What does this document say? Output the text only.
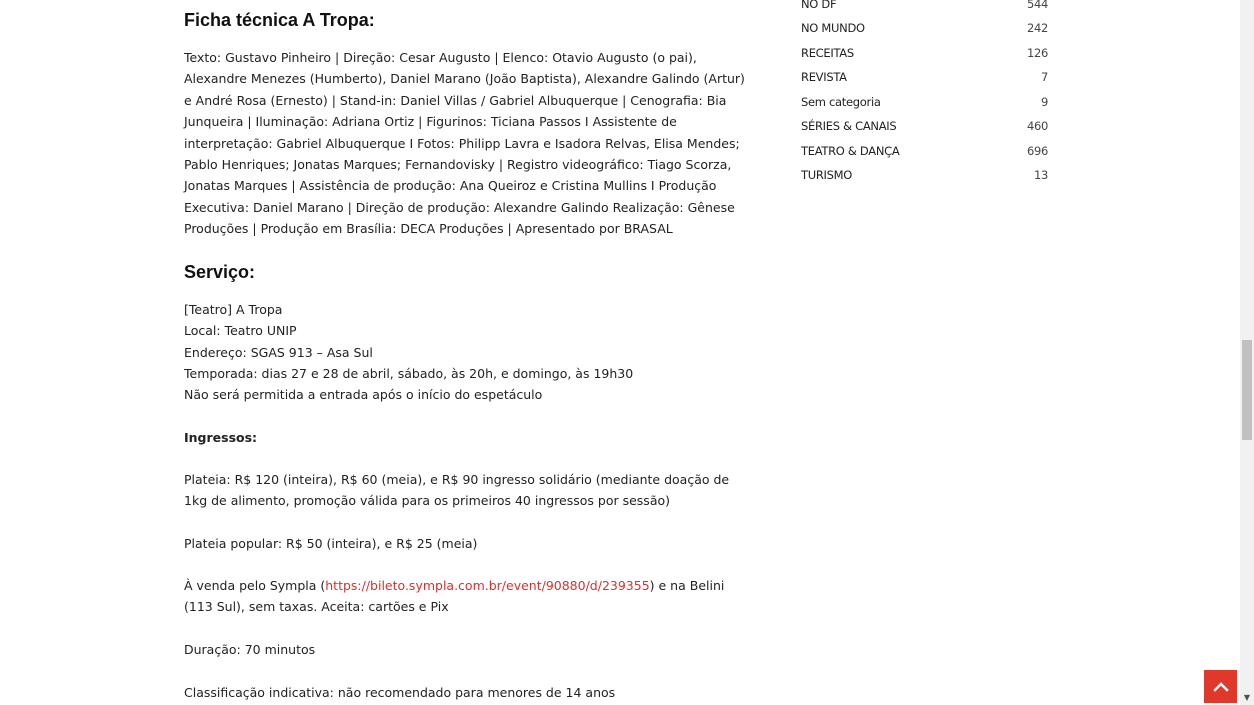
Ficha técnica A Tropa:

Texto: Gustavo Pinheiro | Direção: Cesar Augusto | Elenco: Otavio Augusto (o pai), Alexandre Menezes (Humberto), Daniel Marano (João Baptista), Alexandre Galindo (Artur) e André Rosa (Ernesto) | Stand-in: Daniel Villas / Gabriel Albuquerque | Cenografia: Bia Junqueira | Iluminação: Adriana Ortiz | Figurinos: Ticiana Passos I Assistente de interpretação: Gabriel Albuquerque I Fotos: Philipp Lavra e Isadora Relvas, Elisa Mendes; Pablo Henriques; Jonatas Marques; Fernandovisky | Registro videográfico: Tiago Scorza, Jonatas Marques | Assistência de produção: Ana Queiroz e Cristina Mullins I Produção Executiva: Daniel Marano | Direção de produção: Alexandre Galindo Realização: Gênese Produções | Produção em Brasília: DECA Produções | Apresentado por BRASAL

Serviço:
[Teatro] A Tropa
Local: Teatro UNIP
Endereço: SGAS 913 – Asa Sul
Temporada: dias 27 e 28 de abril, sábado, às 20h, e domingo, às 19h30
Não será permitida a entrada após o início do espetáculo
Ingressos:

Plateia: R$ 120 (inteira), R$ 60 (meia), e R$ 90 ingresso solidário (mediante doação de 1kg de alimento, promoção válida para os primeiros 40 ingressos por sessão)

Plateia popular: R$ 50 (inteira), e R$ 25 (meia)

À venda pelo Sympla (https://bileto.sympla.com.br/event/90880/d/239355) e na Belini (113 Sul), sem taxas. Aceita: cartões e Pix

Duração: 70 minutos
Classificação indicativa: não recomendado para menores de 14 anos
NO DF	544
NO MUNDO	242
RECEITAS	126
REVISTA	7
Sem categoria	9
SÉRIES & CANAIS	460
TEATRO & DANÇA	696
TURISMO	13
▼
